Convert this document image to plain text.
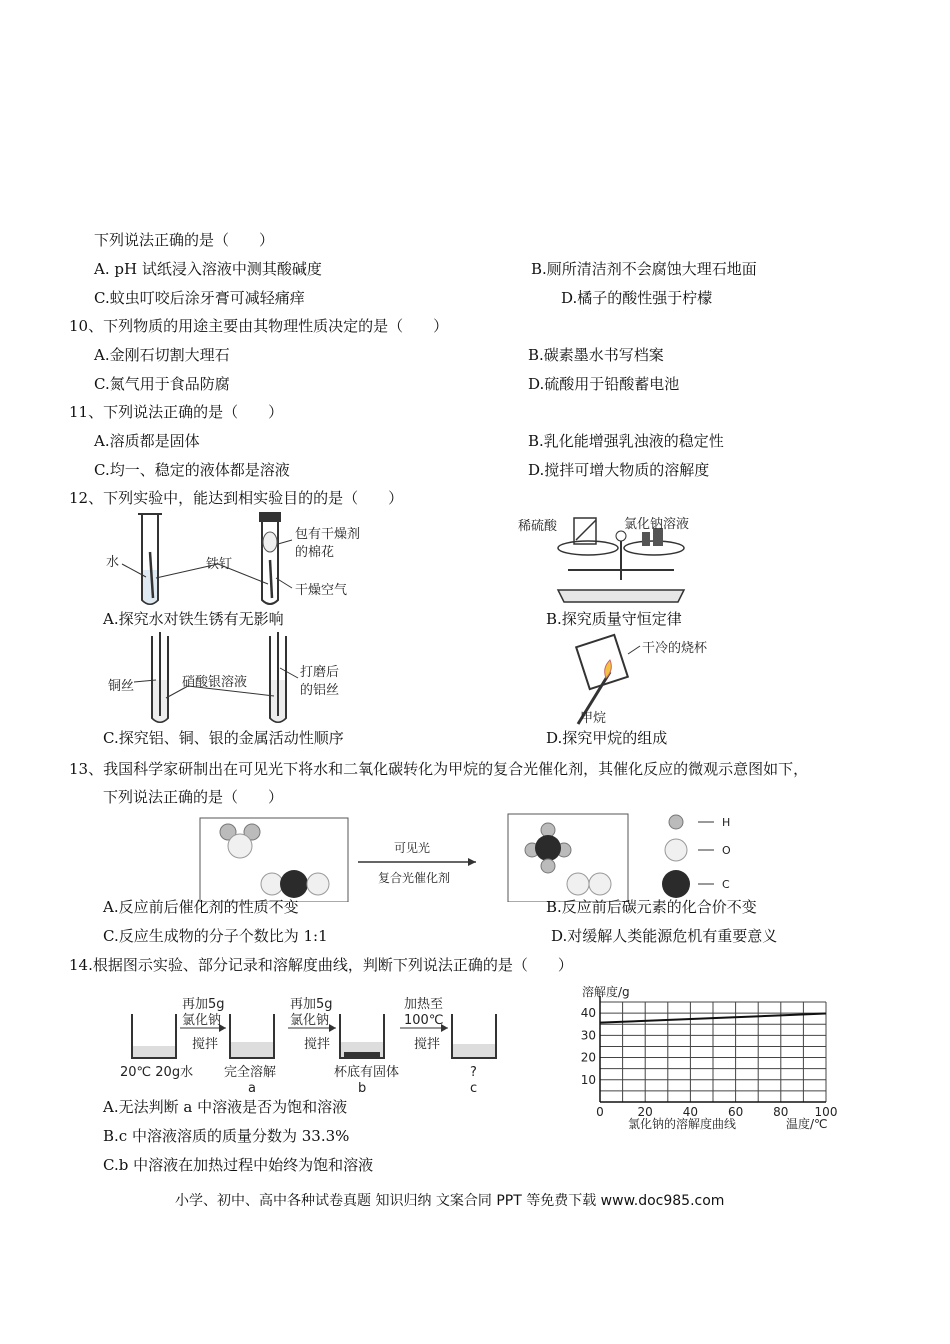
下列说法正确的是（　　）
A. pH 试纸浸入溶液中测其酸碱度	B.厕所清洁剂不会腐蚀大理石地面
C.蚊虫叮咬后涂牙膏可减轻痛痒	D.橘子的酸性强于柠檬
10、下列物质的用途主要由其物理性质决定的是（　　）
A.金刚石切割大理石	B.碳素墨水书写档案
C.氮气用于食品防腐	D.硫酸用于铅酸蓄电池
11、下列说法正确的是（　　）
A.溶质都是固体	B.乳化能增强乳浊液的稳定性
C.均一、稳定的液体都是溶液	D.搅拌可增大物质的溶解度
12、下列实验中，能达到相实验目的的是（　　）
水	铁钉
包有干燥剂
的棉花
干燥空气
稀硫酸	氯化钠溶液
A.探究水对铁生锈有无影响	B.探究质量守恒定律
铜丝	硝酸银溶液
打磨后
的铝丝
干冷的烧杯
甲烷
C.探究铝、铜、银的金属活动性顺序	D.探究甲烷的组成
13、我国科学家研制出在可见光下将水和二氧化碳转化为甲烷的复合光催化剂，其催化反应的微观示意图如下，
下列说法正确的是（　　）
可见光
复合光催化剂
H
O
C
A.反应前后催化剂的性质不变	B.反应前后碳元素的化合价不变
C.反应生成物的分子个数比为 1:1	D.对缓解人类能源危机有重要意义
14.根据图示实验、部分记录和溶解度曲线，判断下列说法正确的是（　　）
再加5g
氯化钠
搅拌
再加5g
氯化钠
搅拌
加热至
100℃
搅拌
20℃ 20g水 完全溶解
a
杯底有固体
b
?
c
溶解度/g
0	20 40 60 80 100
10
20
30
40
氯化钠的溶解度曲线	温度/℃
A.无法判断 a 中溶液是否为饱和溶液
B.c 中溶液溶质的质量分数为 33.3%
C.b 中溶液在加热过程中始终为饱和溶液
小学、初中、高中各种试卷真题 知识归纳 文案合同 PPT 等免费下载 www.doc985.com
